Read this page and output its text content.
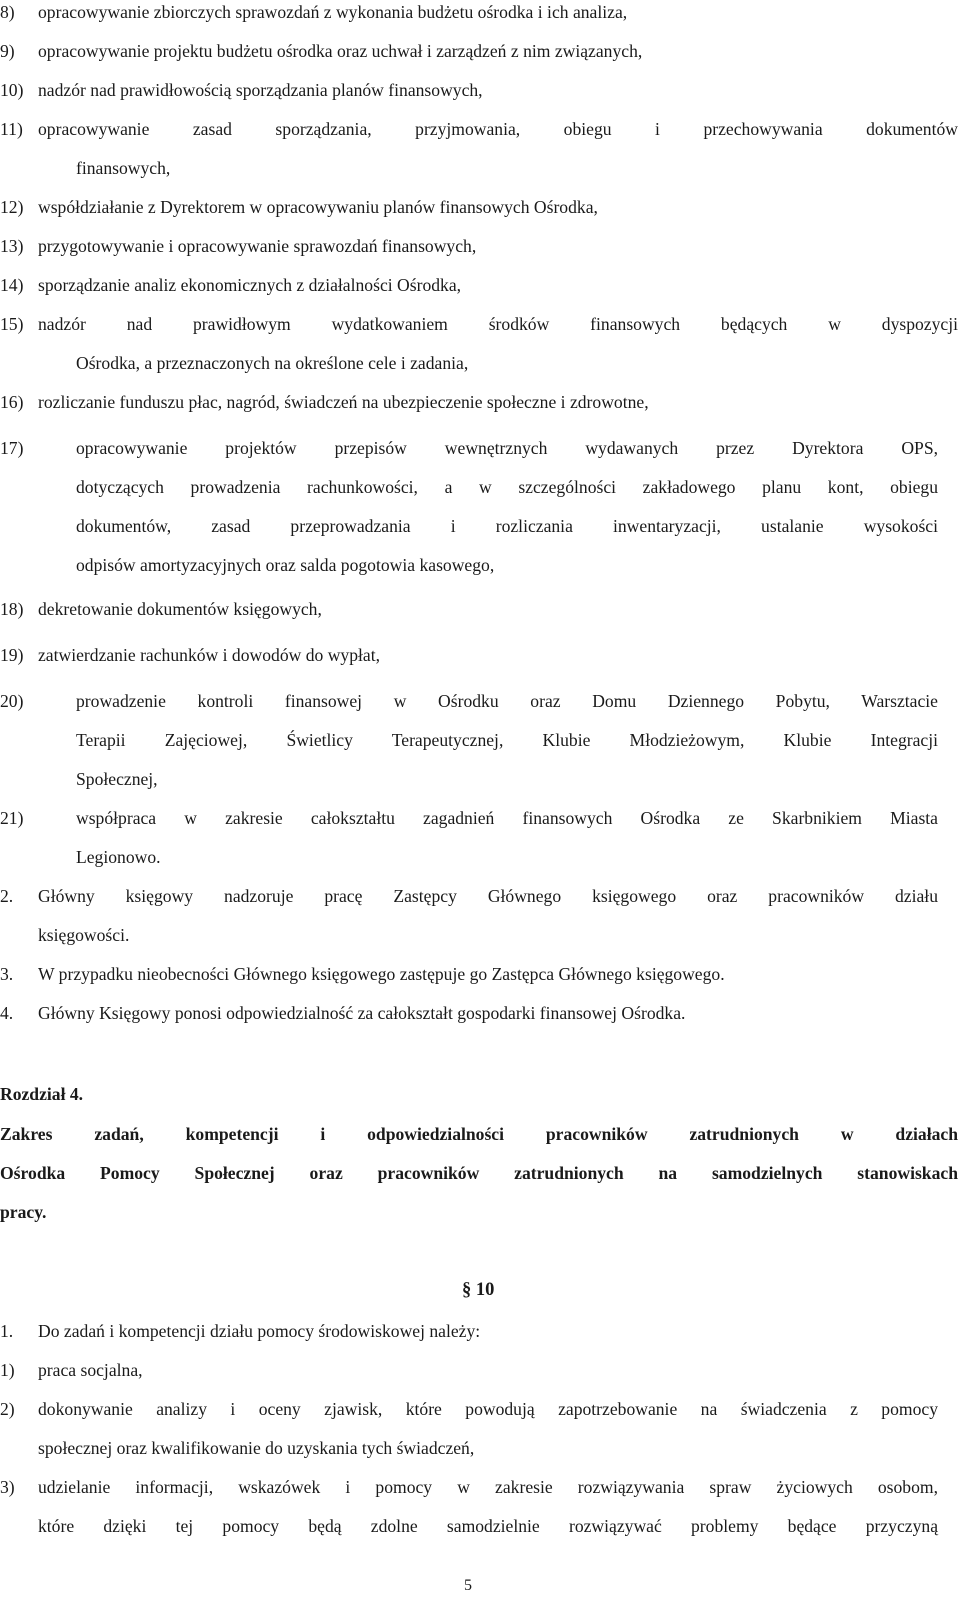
8) opracowywanie zbiorczych sprawozdań z wykonania budżetu ośrodka i ich analiza,
9) opracowywanie projektu budżetu ośrodka oraz uchwał i zarządzeń z nim związanych,
10) nadzór nad prawidłowością sporządzania planów finansowych,
11) opracowywanie zasad sporządzania, przyjmowania, obiegu i przechowywania dokumentów
finansowych,
12) współdziałanie z Dyrektorem w opracowywaniu planów finansowych Ośrodka,
13) przygotowywanie i opracowywanie sprawozdań finansowych,
14) sporządzanie analiz ekonomicznych z działalności Ośrodka,
15) nadzór nad prawidłowym wydatkowaniem środków finansowych będących w dyspozycji
Ośrodka, a przeznaczonych na określone cele i zadania,
16) rozliczanie funduszu płac, nagród, świadczeń na ubezpieczenie społeczne i zdrowotne,
17)	opracowywanie projektów przepisów wewnętrznych wydawanych przez Dyrektora OPS,
dotyczących prowadzenia rachunkowości, a w szczególności zakładowego planu kont, obiegu
dokumentów, zasad przeprowadzania i rozliczania inwentaryzacji, ustalanie wysokości
odpisów amortyzacyjnych oraz salda pogotowia kasowego,
18) dekretowanie dokumentów księgowych,
19) zatwierdzanie rachunków i dowodów do wypłat,
20)	prowadzenie kontroli finansowej w Ośrodku oraz Domu Dziennego Pobytu, Warsztacie
Terapii Zajęciowej, Świetlicy Terapeutycznej, Klubie Młodzieżowym, Klubie Integracji
Społecznej,
21)	współpraca w zakresie całokształtu zagadnień finansowych Ośrodka ze Skarbnikiem Miasta
Legionowo.
2. Główny księgowy nadzoruje pracę Zastępcy Głównego księgowego oraz pracowników działu
księgowości.
3. W przypadku nieobecności Głównego księgowego zastępuje go Zastępca Głównego księgowego.
4. Główny Księgowy ponosi odpowiedzialność za całokształt gospodarki finansowej Ośrodka.
Rozdział 4.
Zakres zadań, kompetencji i odpowiedzialności pracowników zatrudnionych w działach
Ośrodka Pomocy Społecznej oraz pracowników zatrudnionych na samodzielnych stanowiskach
pracy.
§ 10
1. Do zadań i kompetencji działu pomocy środowiskowej należy:
1) praca socjalna,
2) dokonywanie analizy i oceny zjawisk, które powodują zapotrzebowanie na świadczenia z pomocy
społecznej oraz kwalifikowanie do uzyskania tych świadczeń,
3) udzielanie informacji, wskazówek i pomocy w zakresie rozwiązywania spraw życiowych osobom,
które dzięki tej pomocy będą zdolne samodzielnie rozwiązywać problemy będące przyczyną
5
